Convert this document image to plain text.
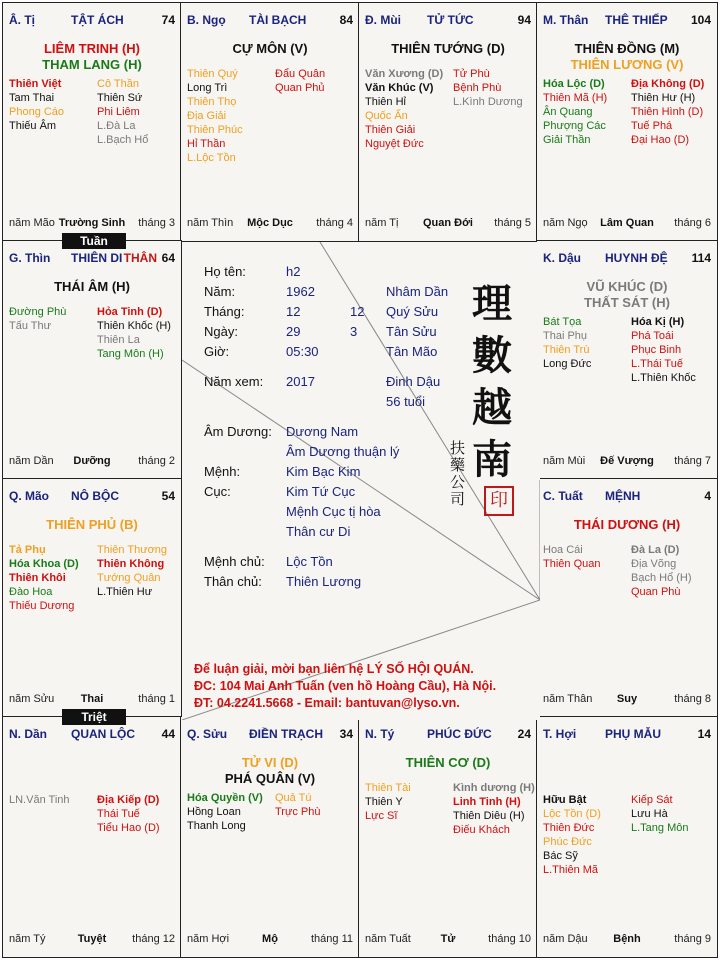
Â. Tị	TẬT ÁCH	74
LIÊM TRINH (H)
THAM LANG (H)
Thiên Việt
Tam Thai
Phong Cáo
Thiếu Âm
Cô Thần
Thiên Sứ
Phi Liêm
L.Đà La
L.Bạch Hổ
năm Mão Trường Sinh	tháng 3
B. Ngọ TÀI BẠCH	84
CỰ MÔN (V)
Thiên Quý
Long Trì
Thiên Thọ
Địa Giải
Thiên Phúc
Hỉ Thần
L.Lộc Tồn
Đẩu Quân
Quan Phủ
năm Thìn	Mộc Dục	tháng 4
Đ. Mùi TỬ TỨC	94
THIÊN TƯỚNG (D)
Văn Xương (D)
Văn Khúc (V)
Thiên Hỉ
Quốc Ấn
Thiên Giải
Nguyệt Đức
Tử Phù
Bệnh Phù
L.Kình Dương
năm Tị	Quan Đới	tháng 5
M. Thân THÊ THIẾP 104
THIÊN ĐỒNG (M)
THIÊN LƯƠNG (V)
Hóa Lộc (D)
Thiên Mã (H)
Ân Quang
Phượng Các
Giải Thần
Địa Không (D)
Thiên Hư (H)
Thiên Hình (D)
Tuế Phá
Đại Hao (D)
năm Ngọ	Lâm Quan	tháng 6
G. Thìn THIÊN DI THÂN 64
THÁI ÂM (H)
Đường Phù
Tấu Thư
Hỏa Tinh (D)
Thiên Khốc (H)
Thiên La
Tang Môn (H)
năm Dần	Dưỡng	tháng 2
K. Dậu HUYNH ĐỆ 114
VŨ KHÚC (D)
THẤT SÁT (H)
Bát Tọa
Thai Phụ
Thiên Trù
Long Đức
Hóa Kị (H)
Phá Toái
Phục Binh
L.Thái Tuế
L.Thiên Khốc
năm Mùi	Đế Vượng	tháng 7
Q. Mão NÔ BỘC	54
THIÊN PHỦ (B)
Tả Phụ
Hóa Khoa (D)
Thiên Khôi
Đào Hoa
Thiếu Dương
Thiên Thương
Thiên Không
Tướng Quân
L.Thiên Hư
năm Sửu	Thai	tháng 1
C. Tuất MỆNH	4
THÁI DƯƠNG (H)
Hoa Cái
Thiên Quan
Đà La (D)
Địa Võng
Bạch Hổ (H)
Quan Phù
năm Thân	Suy	tháng 8
N. Dần QUAN LỘC 44
LN.Văn Tinh Địa Kiếp (D)
Thái Tuế
Tiểu Hao (D)
năm Tý	Tuyệt	tháng 12
Q. Sửu ĐIỀN TRẠCH 34
TỬ VI (D)
PHÁ QUÂN (V)
Hóa Quyền (V)
Hồng Loan
Thanh Long
Quả Tú
Trực Phù
năm Hợi	Mộ	tháng 11
N. Tý	PHÚC ĐỨC 24
THIÊN CƠ (D)
Thiên Tài
Thiên Y
Lực Sĩ
Kình dương (H)
Linh Tinh (H)
Thiên Diêu (H)
Điếu Khách
năm Tuất	Tử	tháng 10
T. Hợi PHỤ MẪU	14
Hữu Bật
Lộc Tồn (D)
Thiên Đức
Phúc Đức
Bác Sỹ
L.Thiên Mã
Kiếp Sát
Lưu Hà
L.Tang Môn
năm Dậu	Bệnh	tháng 9
Họ tên:	h2
Năm:	1962	Nhâm Dần
Tháng:	12	12 Quý Sửu
Ngày:	29	3 Tân Sửu
Giờ:	05:30	Tân Mão
Năm xem: 2017	Đinh Dậu
56 tuổi
Âm Dương: Dương Nam
Âm Dương thuận lý
Mệnh:	Kim Bạc Kim
Cục:	Kim Tứ Cục
Mệnh Cục tị hòa
Thân cư Di
Mệnh chủ: Lộc Tồn
Thân chủ: Thiên Lương
理
數
越
南
扶
藥
公
司	印
Để luận giải, mời bạn liên hệ LÝ SỐ HỘI QUÁN.
ĐC: 104 Mai Anh Tuấn (ven hồ Hoàng Cầu), Hà Nội.
ĐT: 04.2241.5668 - Email: bantuvan@lyso.vn.
Tuần
Triệt
